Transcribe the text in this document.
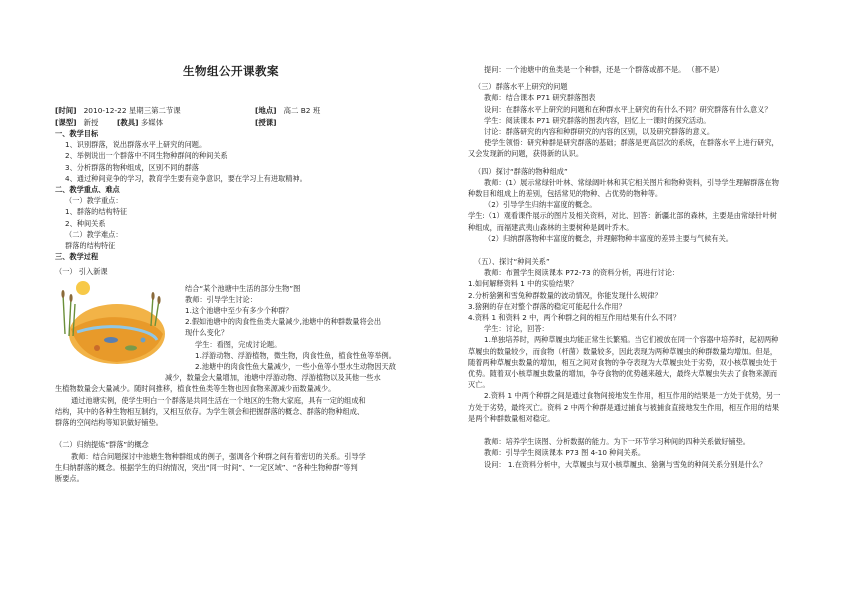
生物组公开课教案
[时间] 2010-12-22 星期三第二节课	[地点] 高二 B2 班
[课型] 新授	[教具] 多媒体	[授课]

一、教学目标

1、识别群落，说出群落水平上研究的问题。

2、举例说出一个群落中不同生物种群间的种间关系

3、分析群落的物种组成，区别不同的群落

4、通过种间竞争的学习，教育学生要有竞争意识，要在学习上有进取精神。

二、教学重点、难点

（一）教学重点：

1、群落的结构特征

2、种间关系

（二）教学难点：

群落的结构特征

三、教学过程

（一） 引入新课

结合“某个池塘中生活的部分生物”图

教师：引导学生讨论：

1.这个池塘中至少有多少个种群？

2.假如池塘中的肉食性鱼类大量减少,池塘中的种群数量将会出

现什么变化？

学生：看图，完成讨论题。

1.浮游动物、浮游植物，微生物，肉食性鱼，植食性鱼等举例。

2.池塘中的肉食性鱼大量减少，一些小鱼等小型水生动物因天敌

减少，数量会大量增加，池塘中浮游动物、浮游植物以及其他一些水

生植物数量会大量减少。随时间推移，植食性鱼类等生物也因食物来源减少而数量减少。

通过池塘实例，使学生明白一个群落是共同生活在一个地区的生物大家庭，具有一定的组成和

结构，其中的各种生物相互制约，又相互依存。为学生领会和把握群落的概念、群落的物种组成、

群落的空间结构等知识做好铺垫。

（二）归纳提炼“群落”的概念

教师：结合问题探讨中池塘生物种群组成的例子，强调各个种群之间有着密切的关系。引导学

生归纳群落的概念。根据学生的归纳情况，突出“同一时间”、“一定区域”、“各种生物种群”等判

断要点。

提问：一个池塘中的鱼类是一个种群，还是一个群落或都不是。 （都不是）

（三）群落水平上研究的问题

教师：结合课本 P71 研究群落图表

设问：在群落水平上研究的问题和在种群水平上研究的有什么不同？研究群落有什么意义？

学生：阅读课本 P71 研究群落的图表内容，回忆上一课时的探究活动。

讨论：群落研究的内容和种群研究的内容的区别，以及研究群落的意义。

使学生领悟：研究种群是研究群落的基础；群落是更高层次的系统，在群落水平上进行研究，

又会发现新的问题，获得新的认识。

（四）探讨“群落的物种组成”

教师：(1）展示常绿针叶林、常绿阔叶林和其它相关图片和物种资料，引导学生理解群落在物

种数目和组成上的差别，包括常见的物种、占优势的物种等。

（2）引导学生归纳丰富度的概念。

学生:（1）观看课件展示的图片及相关资料，对比、回答：新疆北部的森林，主要是由常绿针叶树

种组成，而福建武夷山森林的主要树种是阔叶乔木。

（2）归纳群落物种丰富度的概念，并理解物种丰富度的差异主要与气候有关。

（五）、探讨“种间关系”

教师：布置学生阅读课本 P72-73 的资料分析，再进行讨论：

1.如何解释资料 1 中的实验结果？

2.分析猞猁和雪兔种群数量的波动情况，你能发现什么规律？

3.猞猁的存在对整个群落的稳定可能起什么作用？

4.资料 1 和资料 2 中，两个种群之间的相互作用结果有什么不同？

学生：讨论，回答：

1.单独培养时，两种草履虫均能正常生长繁殖。当它们被放在同一个容器中培养时，起初两种

草履虫的数量较少，而食物（杆菌）数量较多，因此表现为两种草履虫的种群数量均增加。但是，

随着两种草履虫数量的增加，相互之间对食物的争夺表现为大草履虫处于劣势，双小核草履虫处于

优势。随着双小核草履虫数量的增加，争夺食物的优势越来越大，最终大草履虫失去了食物来源而

灭亡。

2.资料 1 中两个种群之间是通过食物间接地发生作用，相互作用的结果是一方处于优势，另一

方处于劣势，最终灭亡。资料 2 中两个种群是通过捕食与被捕食直接地发生作用，相互作用的结果

是两个种群数量相对稳定。

教师：培养学生读图、分析数据的能力。为下一环节学习种间的四种关系做好铺垫。

教师：引导学生阅读课本 P73 图 4-10 种间关系。

设问： 1.在资料分析中，大草履虫与双小核草履虫、猞猁与雪兔的种间关系分别是什么？
